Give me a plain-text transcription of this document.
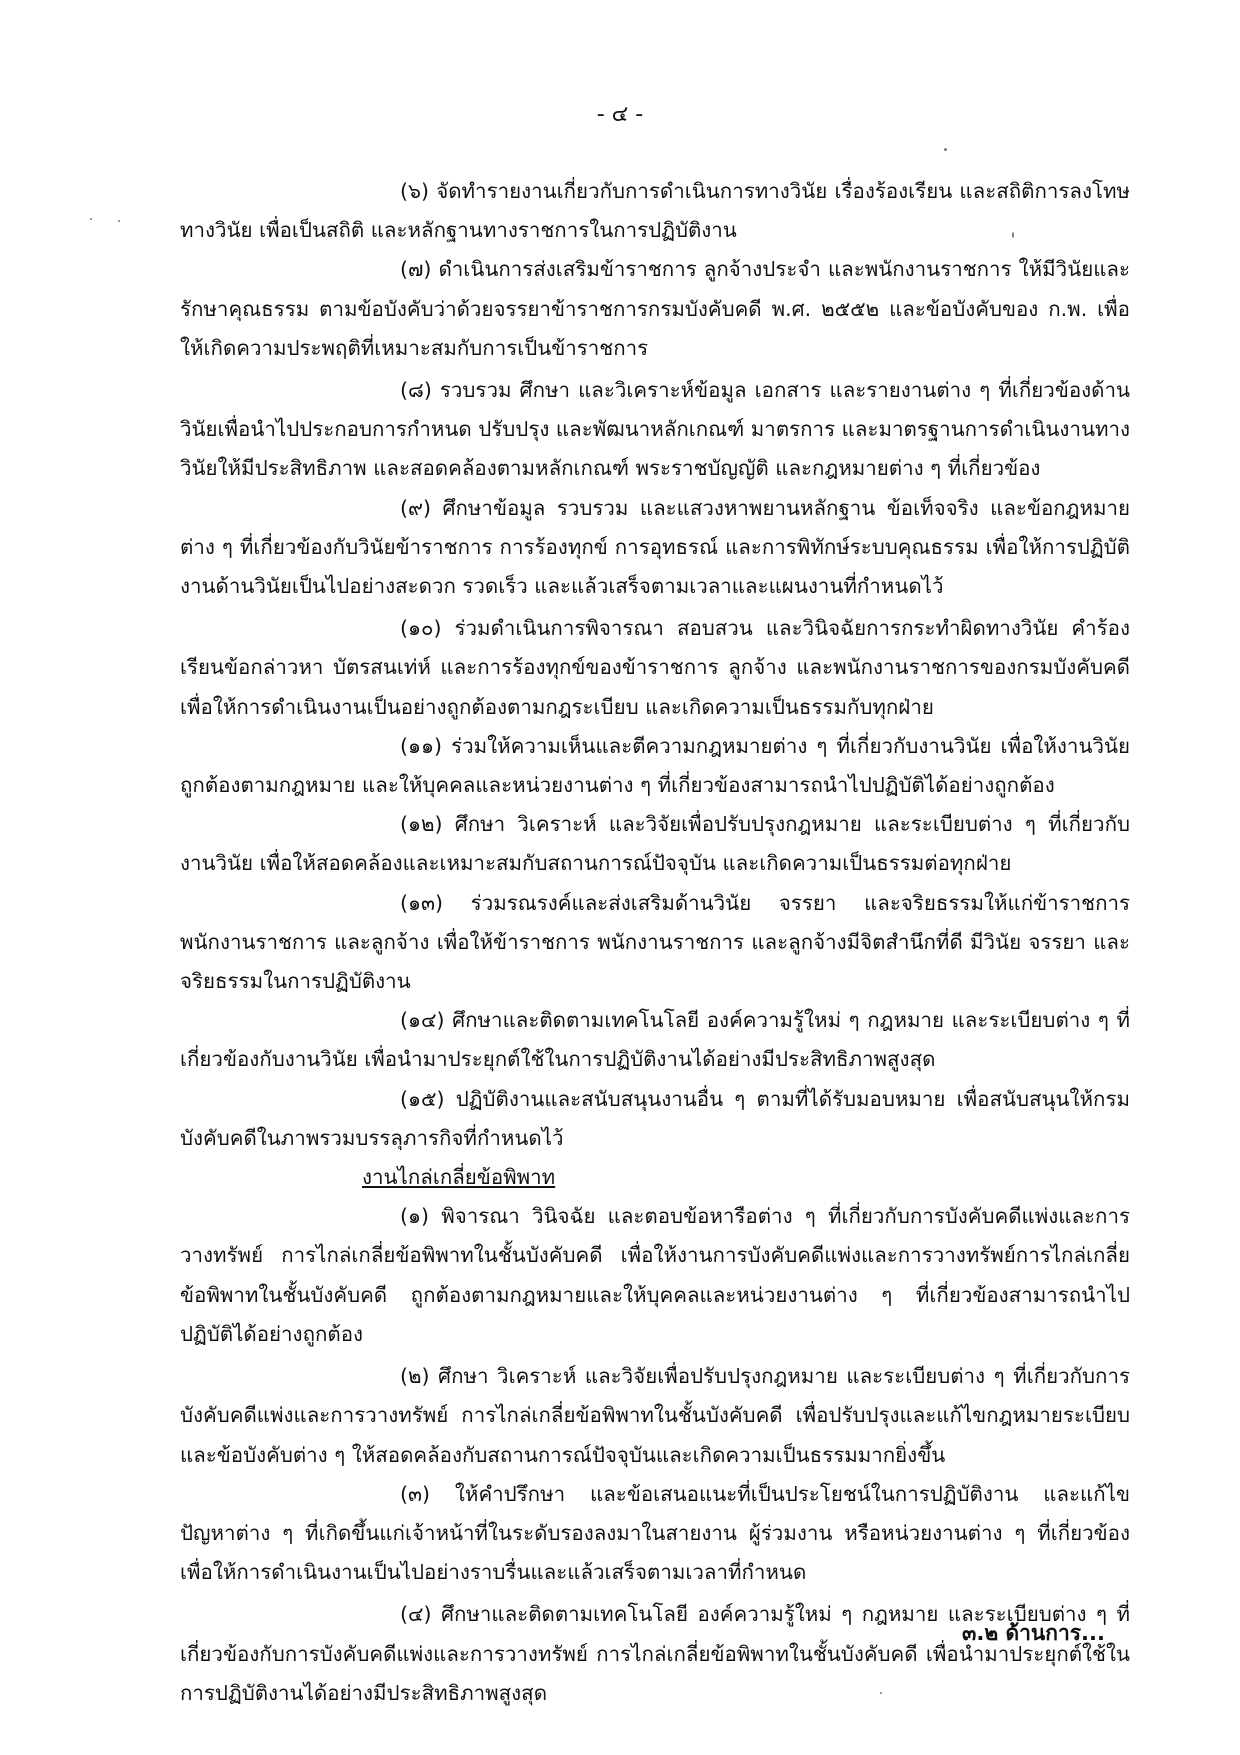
- ๔ -

(๖) จัดทำรายงานเกี่ยวกับการดำเนินการทางวินัย เรื่องร้องเรียน และสถิติการลงโทษทางวินัย เพื่อเป็นสถิติ และหลักฐานทางราชการในการปฏิบัติงาน

(๗) ดำเนินการส่งเสริมข้าราชการ ลูกจ้างประจำ และพนักงานราชการ ให้มีวินัยและรักษาคุณธรรม ตามข้อบังคับว่าด้วยจรรยาข้าราชการกรมบังคับคดี พ.ศ. ๒๕๕๒ และข้อบังคับของ ก.พ. เพื่อให้เกิดความประพฤติที่เหมาะสมกับการเป็นข้าราชการ

(๘) รวบรวม ศึกษา และวิเคราะห์ข้อมูล เอกสาร และรายงานต่าง ๆ ที่เกี่ยวข้องด้านวินัยเพื่อนำไปประกอบการกำหนด ปรับปรุง และพัฒนาหลักเกณฑ์ มาตรการ และมาตรฐานการดำเนินงานทางวินัยให้มีประสิทธิภาพ และสอดคล้องตามหลักเกณฑ์ พระราชบัญญัติ และกฎหมายต่าง ๆ ที่เกี่ยวข้อง

(๙) ศึกษาข้อมูล รวบรวม และแสวงหาพยานหลักฐาน ข้อเท็จจริง และข้อกฎหมายต่าง ๆ ที่เกี่ยวข้องกับวินัยข้าราชการ การร้องทุกข์ การอุทธรณ์ และการพิทักษ์ระบบคุณธรรม เพื่อให้การปฏิบัติงานด้านวินัยเป็นไปอย่างสะดวก รวดเร็ว และแล้วเสร็จตามเวลาและแผนงานที่กำหนดไว้

(๑๐) ร่วมดำเนินการพิจารณา สอบสวน และวินิจฉัยการกระทำผิดทางวินัย คำร้องเรียนข้อกล่าวหา บัตรสนเท่ห์ และการร้องทุกข์ของข้าราชการ ลูกจ้าง และพนักงานราชการของกรมบังคับคดี เพื่อให้การดำเนินงานเป็นอย่างถูกต้องตามกฎระเบียบ และเกิดความเป็นธรรมกับทุกฝ่าย

(๑๑) ร่วมให้ความเห็นและตีความกฎหมายต่าง ๆ ที่เกี่ยวกับงานวินัย เพื่อให้งานวินัยถูกต้องตามกฎหมาย และให้บุคคลและหน่วยงานต่าง ๆ ที่เกี่ยวข้องสามารถนำไปปฏิบัติได้อย่างถูกต้อง

(๑๒) ศึกษา วิเคราะห์ และวิจัยเพื่อปรับปรุงกฎหมาย และระเบียบต่าง ๆ ที่เกี่ยวกับงานวินัย เพื่อให้สอดคล้องและเหมาะสมกับสถานการณ์ปัจจุบัน และเกิดความเป็นธรรมต่อทุกฝ่าย

(๑๓) ร่วมรณรงค์และส่งเสริมด้านวินัย จรรยา และจริยธรรมให้แก่ข้าราชการพนักงานราชการ และลูกจ้าง เพื่อให้ข้าราชการ พนักงานราชการ และลูกจ้างมีจิตสำนึกที่ดี มีวินัย จรรยา และจริยธรรมในการปฏิบัติงาน

(๑๔) ศึกษาและติดตามเทคโนโลยี องค์ความรู้ใหม่ ๆ กฎหมาย และระเบียบต่าง ๆ ที่เกี่ยวข้องกับงานวินัย เพื่อนำมาประยุกต์ใช้ในการปฏิบัติงานได้อย่างมีประสิทธิภาพสูงสุด

(๑๕) ปฏิบัติงานและสนับสนุนงานอื่น ๆ ตามที่ได้รับมอบหมาย เพื่อสนับสนุนให้กรมบังคับคดีในภาพรวมบรรลุภารกิจที่กำหนดไว้

งานไกล่เกลี่ยข้อพิพาท

(๑) พิจารณา วินิจฉัย และตอบข้อหารือต่าง ๆ ที่เกี่ยวกับการบังคับคดีแพ่งและการวางทรัพย์ การไกล่เกลี่ยข้อพิพาทในชั้นบังคับคดี เพื่อให้งานการบังคับคดีแพ่งและการวางทรัพย์การไกล่เกลี่ยข้อพิพาทในชั้นบังคับคดี ถูกต้องตามกฎหมายและให้บุคคลและหน่วยงานต่าง ๆ ที่เกี่ยวข้องสามารถนำไปปฏิบัติได้อย่างถูกต้อง

(๒) ศึกษา วิเคราะห์ และวิจัยเพื่อปรับปรุงกฎหมาย และระเบียบต่าง ๆ ที่เกี่ยวกับการบังคับคดีแพ่งและการวางทรัพย์ การไกล่เกลี่ยข้อพิพาทในชั้นบังคับคดี เพื่อปรับปรุงและแก้ไขกฎหมายระเบียบ และข้อบังคับต่าง ๆ ให้สอดคล้องกับสถานการณ์ปัจจุบันและเกิดความเป็นธรรมมากยิ่งขึ้น

(๓) ให้คำปรึกษา และข้อเสนอแนะที่เป็นประโยชน์ในการปฏิบัติงาน และแก้ไขปัญหาต่าง ๆ ที่เกิดขึ้นแก่เจ้าหน้าที่ในระดับรองลงมาในสายงาน ผู้ร่วมงาน หรือหน่วยงานต่าง ๆ ที่เกี่ยวข้องเพื่อให้การดำเนินงานเป็นไปอย่างราบรื่นและแล้วเสร็จตามเวลาที่กำหนด

(๔) ศึกษาและติดตามเทคโนโลยี องค์ความรู้ใหม่ ๆ กฎหมาย และระเบียบต่าง ๆ ที่เกี่ยวข้องกับการบังคับคดีแพ่งและการวางทรัพย์ การไกล่เกลี่ยข้อพิพาทในชั้นบังคับคดี เพื่อนำมาประยุกต์ใช้ในการปฏิบัติงานได้อย่างมีประสิทธิภาพสูงสุด

๓.๒ ด้านการ...
